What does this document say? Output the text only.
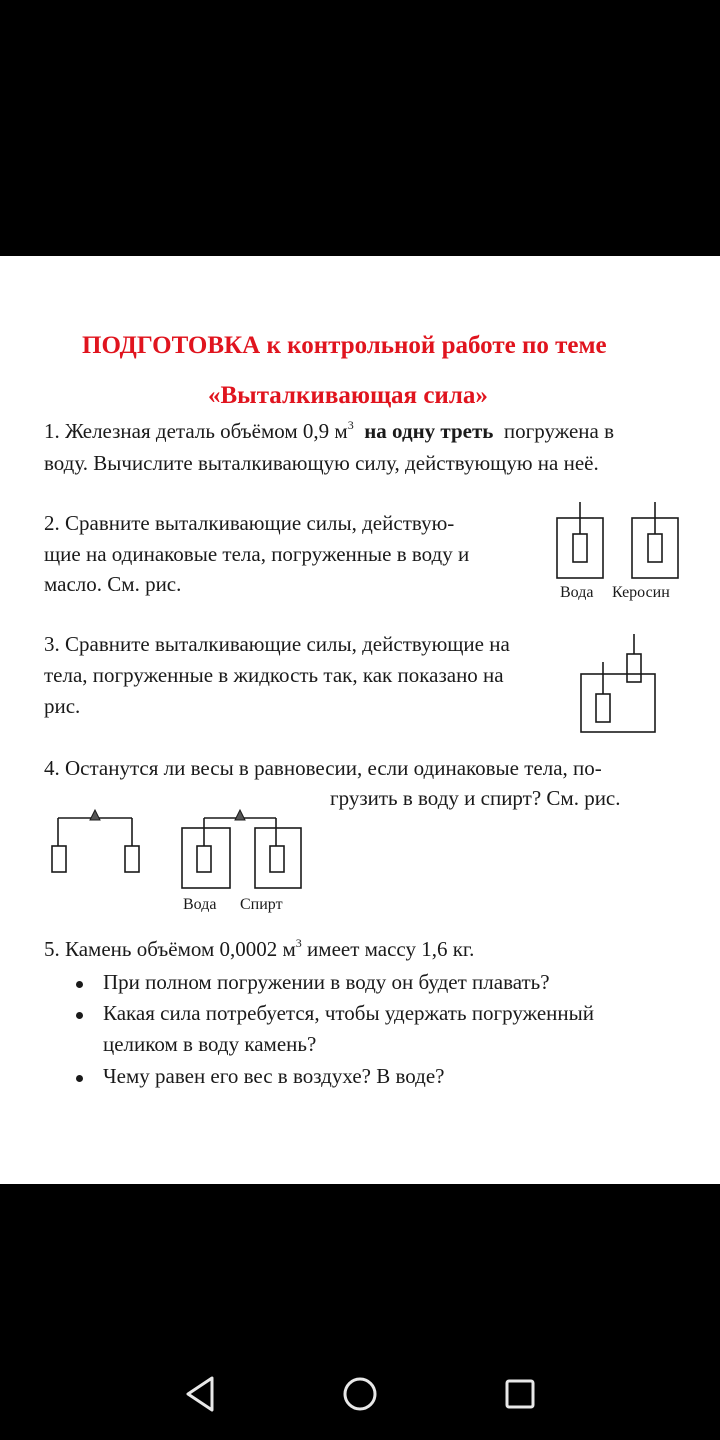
ПОДГОТОВКА к контрольной работе по теме
«Выталкивающая сила»
1. Железная деталь объёмом 0,9 $м^3$ на одну треть погружена в
воду. Вычислите выталкивающую силу, действующую на неё.
2. Сравните выталкивающие силы, действую-
щие на одинаковые тела, погруженные в воду и
масло. См. рис.	Вода Керосин
3. Сравните выталкивающие силы, действующие на
тела, погруженные в жидкость так, как показано на
рис.
4. Останутся ли весы в равновесии, если одинаковые тела, по-
грузить в воду и спирт? См. рис.
Вода Спирт
5. Камень объёмом 0,0002 $м^3$ имеет массу 1,6 кг.
При полном погружении в воду он будет плавать?
Какая сила потребуется, чтобы удержать погруженный
целиком в воду камень?
Чему равен его вес в воздухе? В воде?
